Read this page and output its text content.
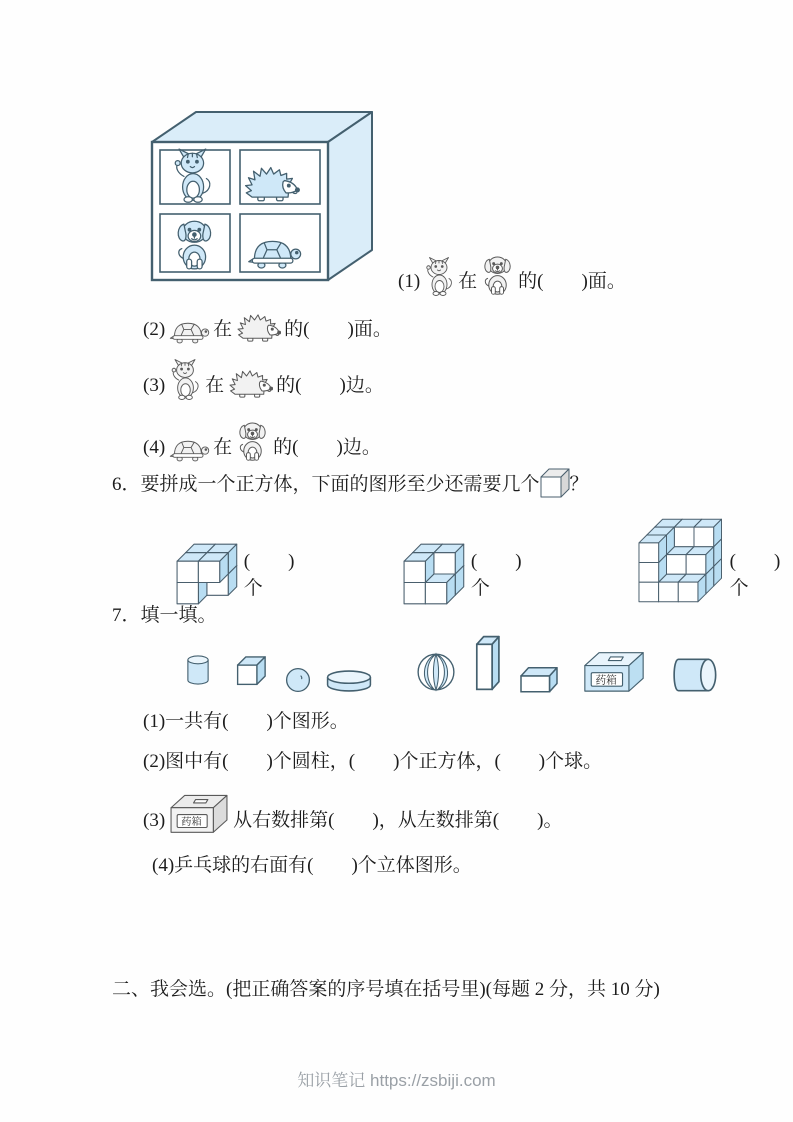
(1) 在 的(　　)面。
(2)	在	的(　　)面。
(3) 在	的(　　)边。
(4)	在 的(　　)边。
6．要拼成一个正方体，下面的图形至少还需要几个 ？
(　　)个
(　　)个
(　　)个
7．填一填。
(1)一共有(　　)个图形。
(2)图中有(　　)个圆柱，(　　)个正方体，(　　)个球。
(3)	从右数排第(　　)，从左数排第(　　)。
(4)乒乓球的右面有(　　)个立体图形。
二、我会选。(把正确答案的序号填在括号里)(每题 2 分，共 10 分)
知识笔记 https://zsbiji.com
